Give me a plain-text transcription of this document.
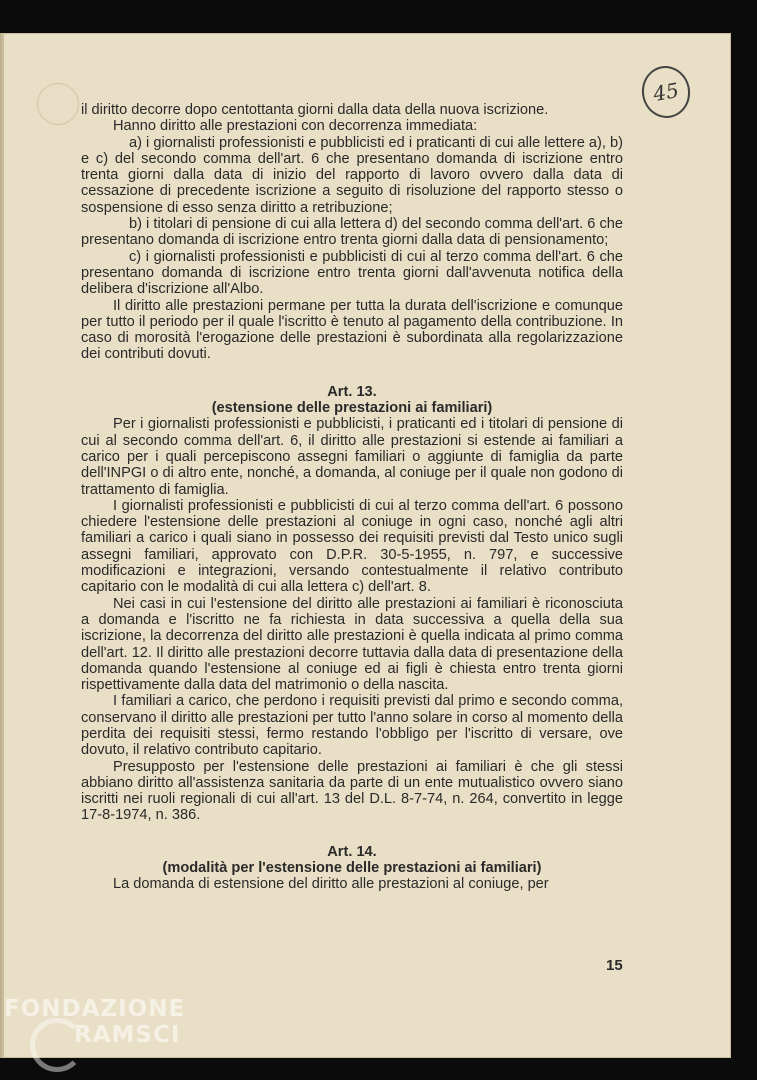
45

il diritto decorre dopo centottanta giorni dalla data della nuova iscrizione.

Hanno diritto alle prestazioni con decorrenza immediata:

a) i giornalisti professionisti e pubblicisti ed i praticanti di cui alle lettere a), b) e c) del secondo comma dell'art. 6 che presentano domanda di iscrizione entro trenta giorni dalla data di inizio del rapporto di lavoro ovvero dalla data di cessazione di precedente iscrizione a seguito di risoluzione del rapporto stesso o sospensione di esso senza diritto a retribuzione;

b) i titolari di pensione di cui alla lettera d) del secondo comma dell'art. 6 che presentano domanda di iscrizione entro trenta giorni dalla data di pensionamento;

c) i giornalisti professionisti e pubblicisti di cui al terzo comma dell'art. 6 che presentano domanda di iscrizione entro trenta giorni dall'avvenuta notifica della delibera d'iscrizione all'Albo.

Il diritto alle prestazioni permane per tutta la durata dell'iscrizione e comunque per tutto il periodo per il quale l'iscritto è tenuto al pagamento della contribuzione. In caso di morosità l'erogazione delle prestazioni è subordinata alla regolarizzazione dei contributi dovuti.

Art. 13.

(estensione delle prestazioni ai familiari)

Per i giornalisti professionisti e pubblicisti, i praticanti ed i titolari di pensione di cui al secondo comma dell'art. 6, il diritto alle prestazioni si estende ai familiari a carico per i quali percepiscono assegni familiari o aggiunte di famiglia da parte dell'INPGI o di altro ente, nonché, a domanda, al coniuge per il quale non godono di trattamento di famiglia.

I giornalisti professionisti e pubblicisti di cui al terzo comma dell'art. 6 possono chiedere l'estensione delle prestazioni al coniuge in ogni caso, nonché agli altri familiari a carico i quali siano in possesso dei requisiti previsti dal Testo unico sugli assegni familiari, approvato con D.P.R. 30-5-1955, n. 797, e successive modificazioni e integrazioni, versando contestualmente il relativo contributo capitario con le modalità di cui alla lettera c) dell'art. 8.

Nei casi in cui l'estensione del diritto alle prestazioni ai familiari è riconosciuta a domanda e l'iscritto ne fa richiesta in data successiva a quella della sua iscrizione, la decorrenza del diritto alle prestazioni è quella indicata al primo comma dell'art. 12. Il diritto alle prestazioni decorre tuttavia dalla data di presentazione della domanda quando l'estensione al coniuge ed ai figli è chiesta entro trenta giorni rispettivamente dalla data del matrimonio o della nascita.

I familiari a carico, che perdono i requisiti previsti dal primo e secondo comma, conservano il diritto alle prestazioni per tutto l'anno solare in corso al momento della perdita dei requisiti stessi, fermo restando l'obbligo per l'iscritto di versare, ove dovuto, il relativo contributo capitario.

Presupposto per l'estensione delle prestazioni ai familiari è che gli stessi abbiano diritto all'assistenza sanitaria da parte di un ente mutualistico ovvero siano iscritti nei ruoli regionali di cui all'art. 13 del D.L. 8-7-74, n. 264, convertito in legge 17-8-1974, n. 386.

Art. 14.

(modalità per l'estensione delle prestazioni ai familiari)

La domanda di estensione del diritto alle prestazioni al coniuge, per

15
FONDAZIONE
RAMSCI
